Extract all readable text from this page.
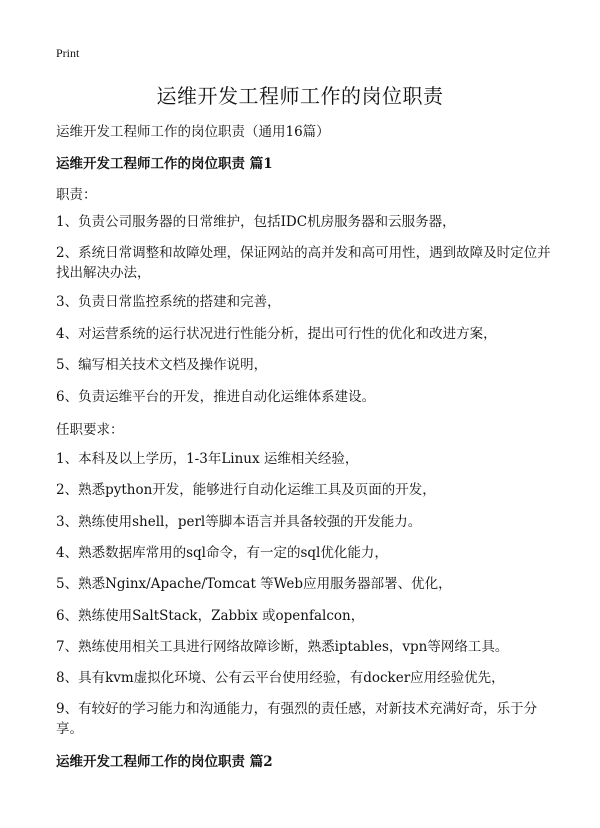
Print
运维开发工程师工作的岗位职责
运维开发工程师工作的岗位职责（通用16篇）
运维开发工程师工作的岗位职责 篇1
职责：
1、负责公司服务器的日常维护，包括IDC机房服务器和云服务器，
2、系统日常调整和故障处理，保证网站的高并发和高可用性，遇到故障及时定位并找出解决办法，
3、负责日常监控系统的搭建和完善，
4、对运营系统的运行状况进行性能分析，提出可行性的优化和改进方案，
5、编写相关技术文档及操作说明，
6、负责运维平台的开发，推进自动化运维体系建设。
任职要求：
1、本科及以上学历，1-3年Linux 运维相关经验，
2、熟悉python开发，能够进行自动化运维工具及页面的开发，
3、熟练使用shell，perl等脚本语言并具备较强的开发能力。
4、熟悉数据库常用的sql命令，有一定的sql优化能力，
5、熟悉Nginx/Apache/Tomcat 等Web应用服务器部署、优化，
6、熟练使用SaltStack，Zabbix 或openfalcon，
7、熟练使用相关工具进行网络故障诊断，熟悉iptables，vpn等网络工具。
8、具有kvm虚拟化环境、公有云平台使用经验，有docker应用经验优先，
9、有较好的学习能力和沟通能力，有强烈的责任感，对新技术充满好奇，乐于分享。
运维开发工程师工作的岗位职责 篇2
